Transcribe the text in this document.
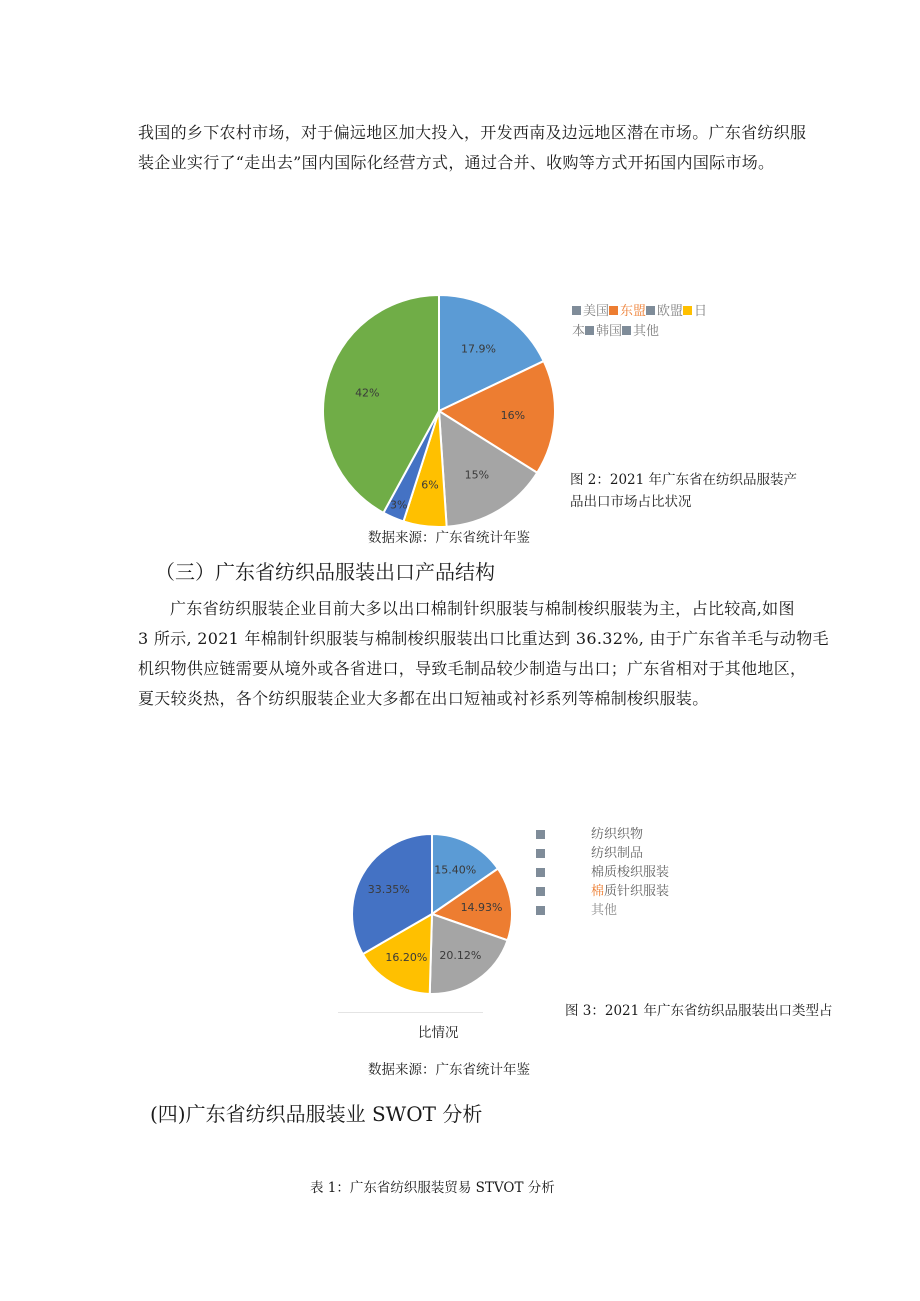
我国的乡下农村市场，对于偏远地区加大投入，开发西南及边远地区潜在市场。广东省纺织服

装企业实行了“走出去”国内国际化经营方式，通过合并、收购等方式开拓国内国际市场。

17.9%
16%
15%
6%
3%
42%
美国 东盟 欧盟 日
本 韩国 其他
图 2：2021 年广东省在纺织品服装产
品出口市场占比状况
数据来源：广东省统计年鉴
（三）广东省纺织品服装出口产品结构

广东省纺织服装企业目前大多以出口棉制针织服装与棉制梭织服装为主，占比较高,如图

3 所示, 2021 年棉制针织服装与棉制梭织服装出口比重达到 36.32%, 由于广东省羊毛与动物毛

机织物供应链需要从境外或各省进口，导致毛制品较少制造与出口；广东省相对于其他地区，

夏天较炎热，各个纺织服装企业大多都在出口短袖或衬衫系列等棉制梭织服装。

15.40%
14.93%
20.12%
16.20%
33.35%
纺织织物
纺织制品
棉质梭织服装
棉质针织服装
其他
图 3：2021 年广东省纺织品服装出口类型占
比情况
数据来源：广东省统计年鉴
(四)广东省纺织品服装业 SWOT 分析
表 1：广东省纺织服装贸易 STVOT 分析
